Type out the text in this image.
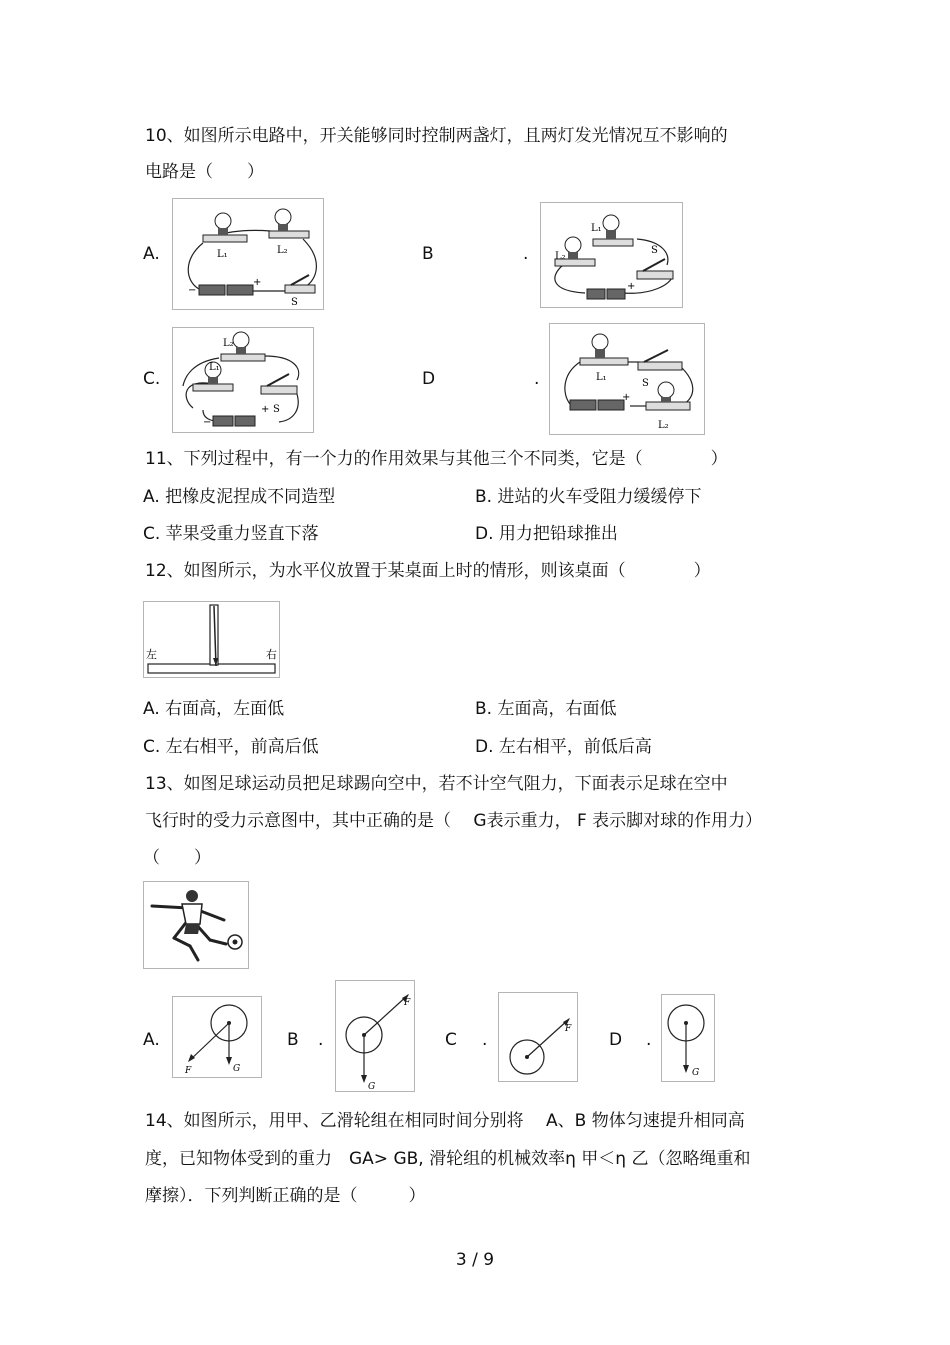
10、如图所示电路中，开关能够同时控制两盏灯，且两灯发光情况互不影响的
电路是（　　）
A.	L₁	L₂
S
−
+
B	.
L₁
L₂
S
+
C.
L₂
L₁
S
−
+
D	.	L₁
S
L₂
+
11、下列过程中，有一个力的作用效果与其他三个不同类，它是（　　　　）
A. 把橡皮泥捏成不同造型	B. 进站的火车受阻力缓缓停下
C. 苹果受重力竖直下落	D. 用力把铅球推出
12、如图所示，为水平仪放置于某桌面上时的情形，则该桌面（　　　　）
左	右
A. 右面高，左面低	B. 左面高，右面低
C. 左右相平，前高后低	D. 左右相平，前低后高
13、如图足球运动员把足球踢向空中，若不计空气阻力，下面表示足球在空中
飞行时的受力示意图中，其中正确的是（　 G表示重力， F 表示脚对球的作用力）
（　　）
A.
G
F
B .
F
G
C .
F
D .
G
14、如图所示，用甲、乙滑轮组在相同时间分别将　 A、B 物体匀速提升相同高
度，已知物体受到的重力　GA> GB, 滑轮组的机械效率η 甲＜η 乙（忽略绳重和
摩擦）．下列判断正确的是（　　　）
3 / 9
